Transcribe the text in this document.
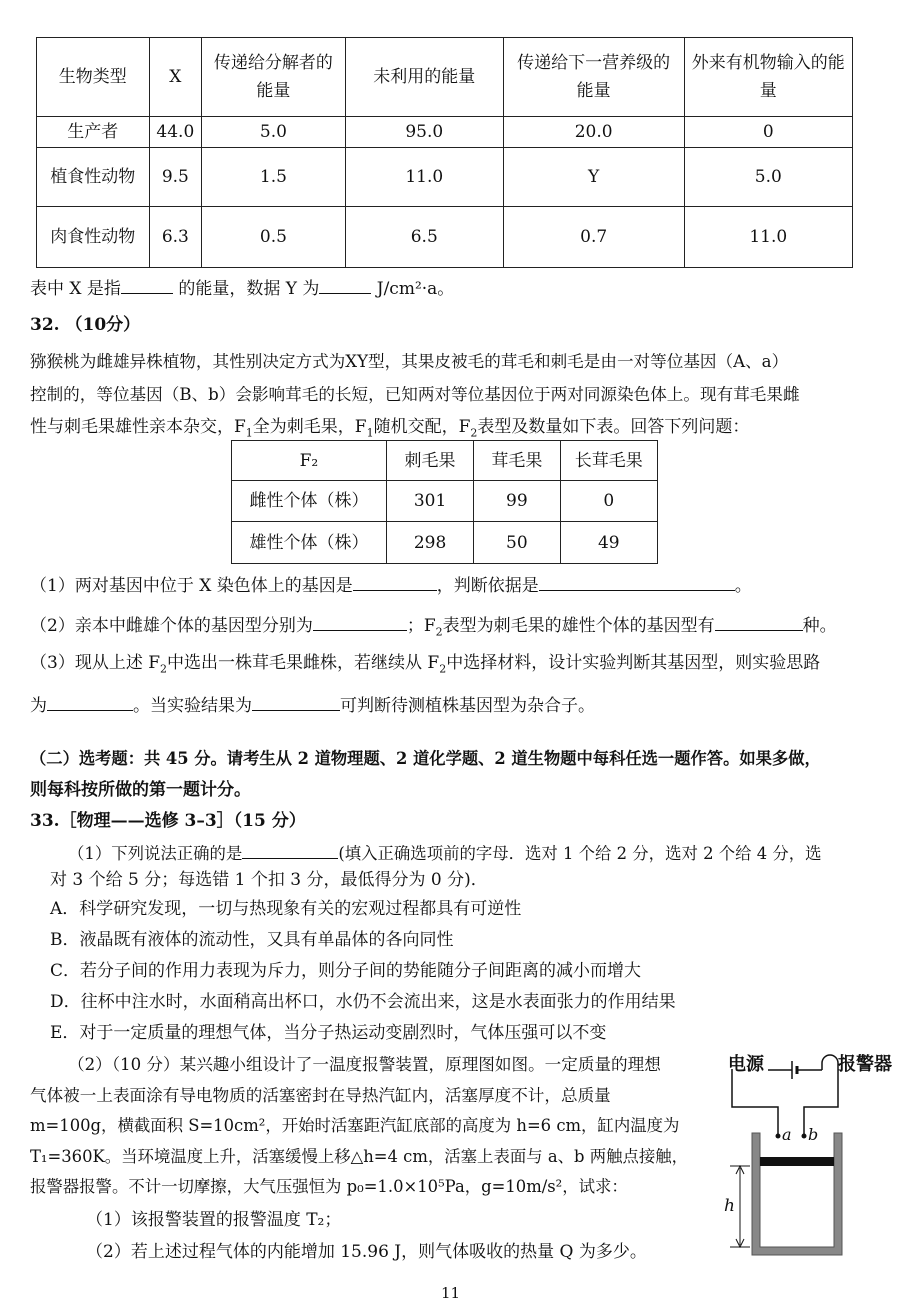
生物类型	X	传递给分解者的能量	未利用的能量	传递给下一营养级的能量	外来有机物输入的能量
生产者	44.0	5.0	95.0	20.0	0
植食性动物	9.5	1.5	11.0	Y	5.0
肉食性动物	6.3	0.5	6.5	0.7	11.0
表中 X 是指	的能量，数据 Y 为	J/cm²·a。
32. （10分）
猕猴桃为雌雄异株植物，其性别决定方式为XY型，其果皮被毛的茸毛和刺毛是由一对等位基因（A、a）
控制的，等位基因（B、b）会影响茸毛的长短，已知两对等位基因位于两对同源染色体上。现有茸毛果雌
性与刺毛果雄性亲本杂交，$F_1$全为刺毛果，$F_1$随机交配，$F_2$表型及数量如下表。回答下列问题：
F₂	刺毛果	茸毛果	长茸毛果
雌性个体（株）	301	99	0
雄性个体（株）	298	50	49
（1）两对基因中位于 X 染色体上的基因是	，判断依据是	。
（2）亲本中雌雄个体的基因型分别为	；$F_2$表型为刺毛果的雄性个体的基因型有	种。
（3）现从上述 $F_2$中选出一株茸毛果雌株，若继续从 $F_2$中选择材料，设计实验判断其基因型，则实验思路
为	。当实验结果为	可判断待测植株基因型为杂合子。
（二）选考题：共 45 分。请考生从 2 道物理题、2 道化学题、2 道生物题中每科任选一题作答。如果多做，
则每科按所做的第一题计分。
33.［物理——选修 3–3］（15 分）
（1）下列说法正确的是	(填入正确选项前的字母．选对 1 个给 2 分，选对 2 个给 4 分，选
对 3 个给 5 分；每选错 1 个扣 3 分，最低得分为 0 分)．
A．科学研究发现，一切与热现象有关的宏观过程都具有可逆性
B．液晶既有液体的流动性，又具有单晶体的各向同性
C．若分子间的作用力表现为斥力，则分子间的势能随分子间距离的减小而增大
D．往杯中注水时，水面稍高出杯口，水仍不会流出来，这是水表面张力的作用结果
E．对于一定质量的理想气体，当分子热运动变剧烈时，气体压强可以不变
（2）（10 分）某兴趣小组设计了一温度报警装置，原理图如图。一定质量的理想
气体被一上表面涂有导电物质的活塞密封在导热汽缸内，活塞厚度不计，总质量
m=100g，横截面积 S=10cm²，开始时活塞距汽缸底部的高度为 h=6 cm，缸内温度为
T₁=360K。当环境温度上升，活塞缓慢上移△h=4 cm，活塞上表面与 a、b 两触点接触，
报警器报警。不计一切摩擦，大气压强恒为 p₀=1.0×10⁵Pa，g=10m/s²，试求：
（1）该报警装置的报警温度 T₂；
（2）若上述过程气体的内能增加 15.96 J，则气体吸收的热量 Q 为多少。
电源	报警器
a b
h
11
